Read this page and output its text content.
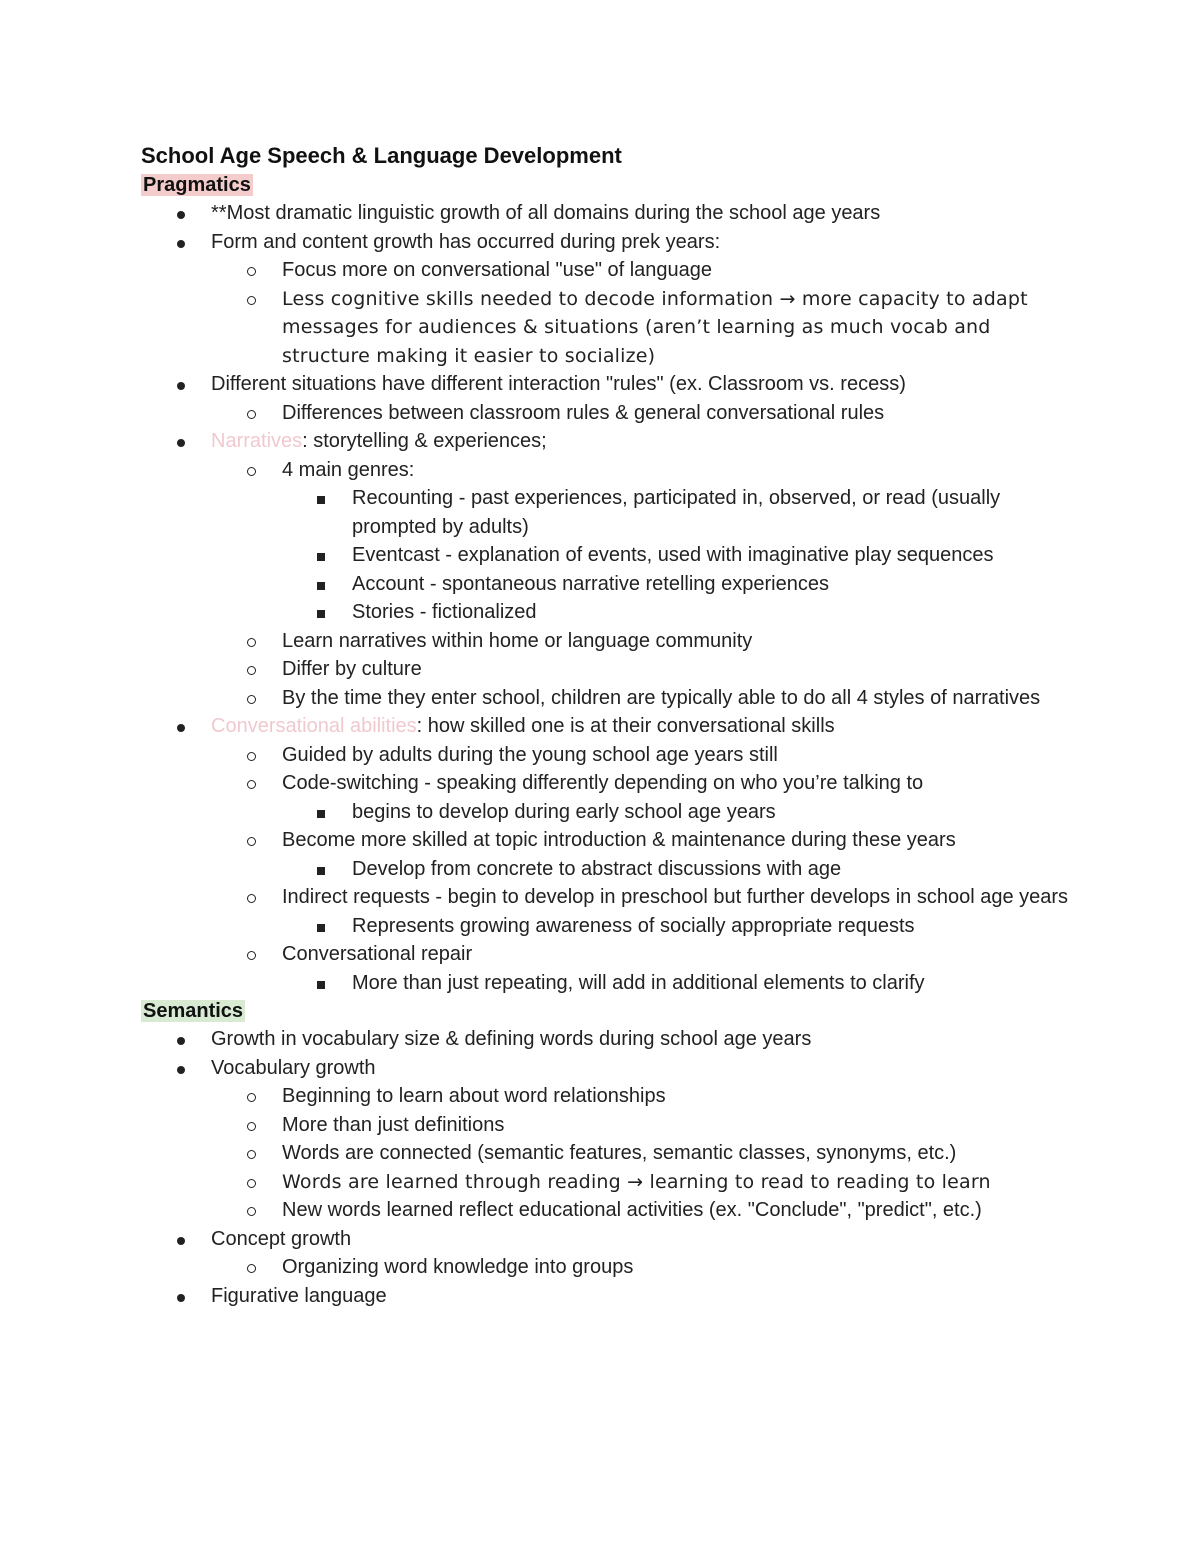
School Age Speech & Language Development
Pragmatics
**Most dramatic linguistic growth of all domains during the school age years
Form and content growth has occurred during prek years:
Focus more on conversational "use" of language
Less cognitive skills needed to decode information → more capacity to adapt messages for audiences & situations (aren’t learning as much vocab and structure making it easier to socialize)
Different situations have different interaction "rules" (ex. Classroom vs. recess)
Differences between classroom rules & general conversational rules
Narratives: storytelling & experiences;
4 main genres:
Recounting - past experiences, participated in, observed, or read (usually prompted by adults)
Eventcast - explanation of events, used with imaginative play sequences
Account - spontaneous narrative retelling experiences
Stories - fictionalized
Learn narratives within home or language community
Differ by culture
By the time they enter school, children are typically able to do all 4 styles of narratives
Conversational abilities: how skilled one is at their conversational skills
Guided by adults during the young school age years still
Code-switching - speaking differently depending on who you’re talking to
begins to develop during early school age years
Become more skilled at topic introduction & maintenance during these years
Develop from concrete to abstract discussions with age
Indirect requests - begin to develop in preschool but further develops in school age years
Represents growing awareness of socially appropriate requests
Conversational repair
More than just repeating, will add in additional elements to clarify
Semantics
Growth in vocabulary size & defining words during school age years
Vocabulary growth
Beginning to learn about word relationships
More than just definitions
Words are connected (semantic features, semantic classes, synonyms, etc.)
Words are learned through reading → learning to read to reading to learn
New words learned reflect educational activities (ex. "Conclude", "predict", etc.)
Concept growth
Organizing word knowledge into groups
Figurative language
